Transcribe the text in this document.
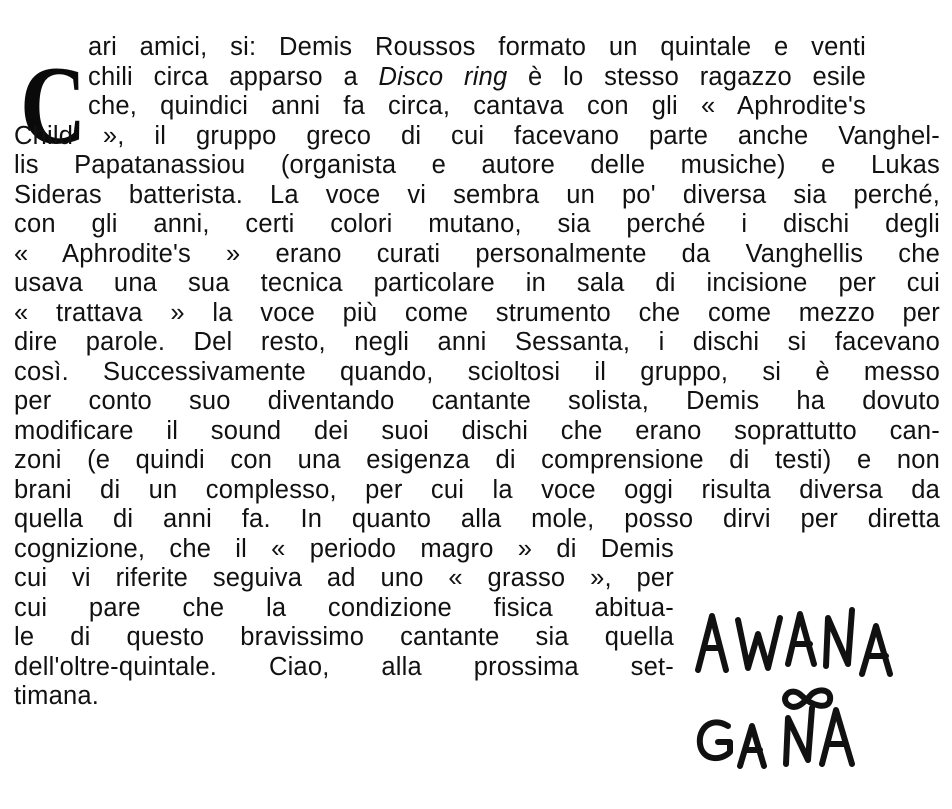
C ari amici, si: Demis Roussos formato un quintale e venti
chili circa apparso a Disco ring è lo stesso ragazzo esile
che, quindici anni fa circa, cantava con gli « Aphrodite's
Child », il gruppo greco di cui facevano parte anche Vanghel-
lis Papatanassiou (organista e autore delle musiche) e Lukas
Sideras batterista. La voce vi sembra un po' diversa sia perché,
con gli anni, certi colori mutano, sia perché i dischi degli
« Aphrodite's » erano curati personalmente da Vanghellis che
usava una sua tecnica particolare in sala di incisione per cui
« trattava » la voce più come strumento che come mezzo per
dire parole. Del resto, negli anni Sessanta, i dischi si facevano
così. Successivamente quando, scioltosi il gruppo, si è messo
per conto suo diventando cantante solista, Demis ha dovuto
modificare il sound dei suoi dischi che erano soprattutto can-
zoni (e quindi con una esigenza di comprensione di testi) e non
brani di un complesso, per cui la voce oggi risulta diversa da
quella di anni fa. In quanto alla mole, posso dirvi per diretta
cognizione, che il « periodo magro » di Demis
cui vi riferite seguiva ad uno « grasso », per
cui pare che la condizione fisica abitua-
le di questo bravissimo cantante sia quella
dell'oltre-quintale. Ciao, alla prossima set-
timana.
